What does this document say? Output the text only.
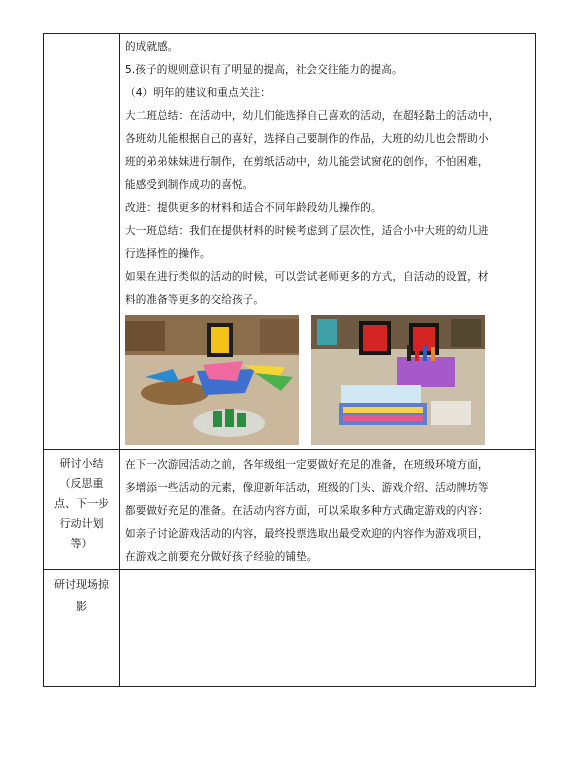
的成就感。

5.孩子的规则意识有了明显的提高，社会交往能力的提高。

（4）明年的建议和重点关注：

大二班总结：在活动中，幼儿们能选择自己喜欢的活动，在超轻黏土的活动中，

各班幼儿能根据自己的喜好，选择自己要制作的作品，大班的幼儿也会帮助小

班的弟弟妹妹进行制作，在剪纸活动中，幼儿能尝试窗花的创作，不怕困难，

能感受到制作成功的喜悦。

改进：提供更多的材料和适合不同年龄段幼儿操作的。

大一班总结：我们在提供材料的时候考虑到了层次性，适合小中大班的幼儿进

行选择性的操作。

如果在进行类似的活动的时候，可以尝试老师更多的方式，自活动的设置，材

料的准备等更多的交给孩子。

研讨小结
（反思重
点、下一步
行动计划
等）

在下一次游园活动之前，各年级组一定要做好充足的准备，在班级环境方面，

多增添一些活动的元素，像迎新年活动，班级的门头、游戏介绍、活动牌坊等

都要做好充足的准备。在活动内容方面，可以采取多种方式确定游戏的内容：

如亲子讨论游戏活动的内容，最终投票选取出最受欢迎的内容作为游戏项目，

在游戏之前要充分做好孩子经验的铺垫。

研讨现场掠
影
